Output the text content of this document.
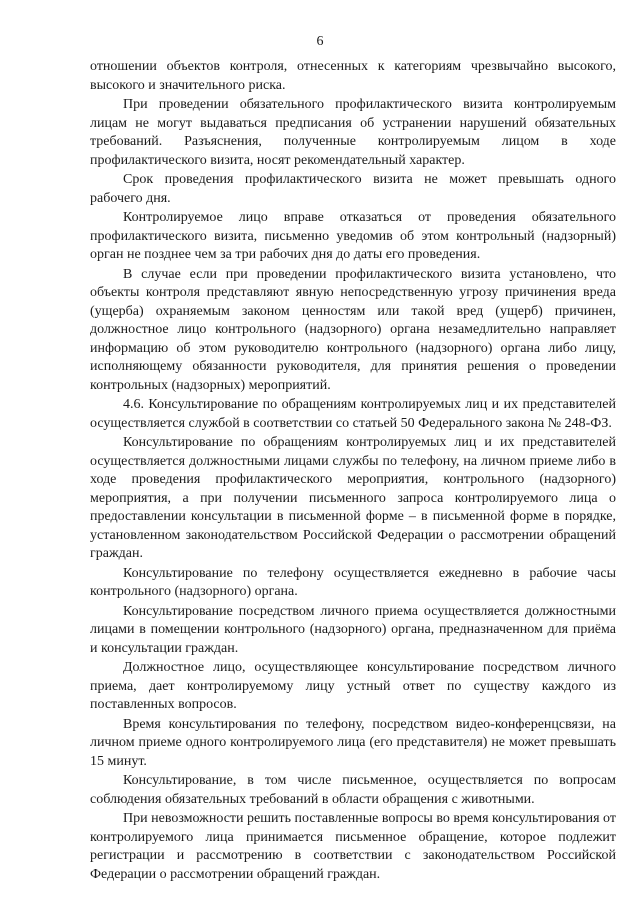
6

отношении объектов контроля, отнесенных к категориям чрезвычайно высокого, высокого и значительного риска.

При проведении обязательного профилактического визита контролируемым лицам не могут выдаваться предписания об устранении нарушений обязательных требований. Разъяснения, полученные контролируемым лицом в ходе профилактического визита, носят рекомендательный характер.

Срок проведения профилактического визита не может превышать одного рабочего дня.

Контролируемое лицо вправе отказаться от проведения обязательного профилактического визита, письменно уведомив об этом контрольный (надзорный) орган не позднее чем за три рабочих дня до даты его проведения.

В случае если при проведении профилактического визита установлено, что объекты контроля представляют явную непосредственную угрозу причинения вреда (ущерба) охраняемым законом ценностям или такой вред (ущерб) причинен, должностное лицо контрольного (надзорного) органа незамедлительно направляет информацию об этом руководителю контрольного (надзорного) органа либо лицу, исполняющему обязанности руководителя, для принятия решения о проведении контрольных (надзорных) мероприятий.

4.6. Консультирование по обращениям контролируемых лиц и их представителей осуществляется службой в соответствии со статьей 50 Федерального закона № 248-ФЗ.

Консультирование по обращениям контролируемых лиц и их представителей осуществляется должностными лицами службы по телефону, на личном приеме либо в ходе проведения профилактического мероприятия, контрольного (надзорного) мероприятия, а при получении письменного запроса контролируемого лица о предоставлении консультации в письменной форме – в письменной форме в порядке, установленном законодательством Российской Федерации о рассмотрении обращений граждан.

Консультирование по телефону осуществляется ежедневно в рабочие часы контрольного (надзорного) органа.

Консультирование посредством личного приема осуществляется должностными лицами в помещении контрольного (надзорного) органа, предназначенном для приёма и консультации граждан.

Должностное лицо, осуществляющее консультирование посредством личного приема, дает контролируемому лицу устный ответ по существу каждого из поставленных вопросов.

Время консультирования по телефону, посредством видео-конференцсвязи, на личном приеме одного контролируемого лица (его представителя) не может превышать 15 минут.

Консультирование, в том числе письменное, осуществляется по вопросам соблюдения обязательных требований в области обращения с животными.

При невозможности решить поставленные вопросы во время консультирования от контролируемого лица принимается письменное обращение, которое подлежит регистрации и рассмотрению в соответствии с законодательством Российской Федерации о рассмотрении обращений граждан.
